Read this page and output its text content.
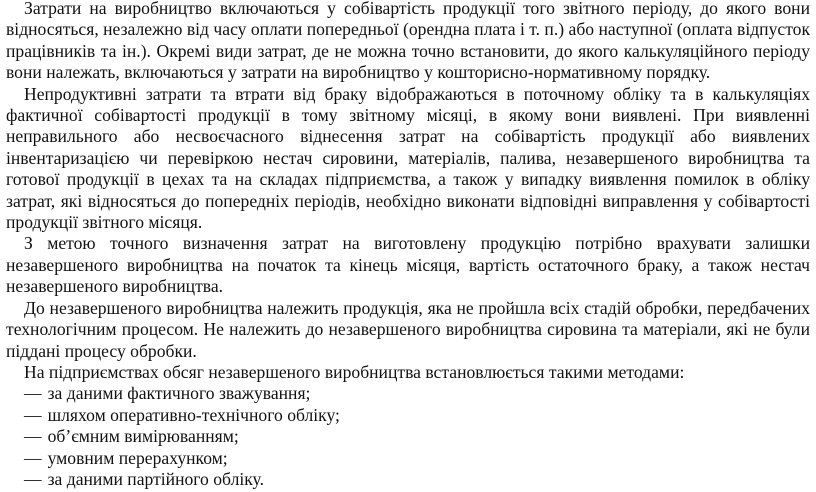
Затрати на виробництво включаються у собівартість продукції того звітного періоду, до якого вони відносяться, незалежно від часу оплати попередньої (орендна плата і т. п.) або наступної (оплата відпусток працівників та ін.). Окремі види затрат, де не можна точно встановити, до якого калькуляційного періоду вони належать, включаються у затрати на виробництво у кошторисно-нормативному порядку.

Непродуктивні затрати та втрати від браку відображаються в поточному обліку та в калькуляціях фактичної собівартості продукції в тому звітному місяці, в якому вони виявлені. При виявленні неправильного або несвоєчасного віднесення затрат на собівартість продукції або виявлених інвентаризацією чи перевіркою нестач сировини, матеріалів, палива, незавершеного виробництва та готової продукції в цехах та на складах підприємства, а також у випадку виявлення помилок в обліку затрат, які відносяться до попередніх періодів, необхідно виконати відповідні виправлення у собівартості продукції звітного місяця.

З метою точного визначення затрат на виготовлену продукцію потрібно врахувати залишки незавершеного виробництва на початок та кінець місяця, вартість остаточного браку, а також нестач незавершеного виробництва.

До незавершеного виробництва належить продукція, яка не пройшла всіх стадій обробки, передбачених технологічним процесом. Не належить до незавершеного виробництва сировина та матеріали, які не були піддані процесу обробки.

На підприємствах обсяг незавершеного виробництва встановлюється такими методами:

— за даними фактичного зважування;
— шляхом оперативно-технічного обліку;
— об’ємним вимірюванням;
— умовним перерахунком;
— за даними партійного обліку.
